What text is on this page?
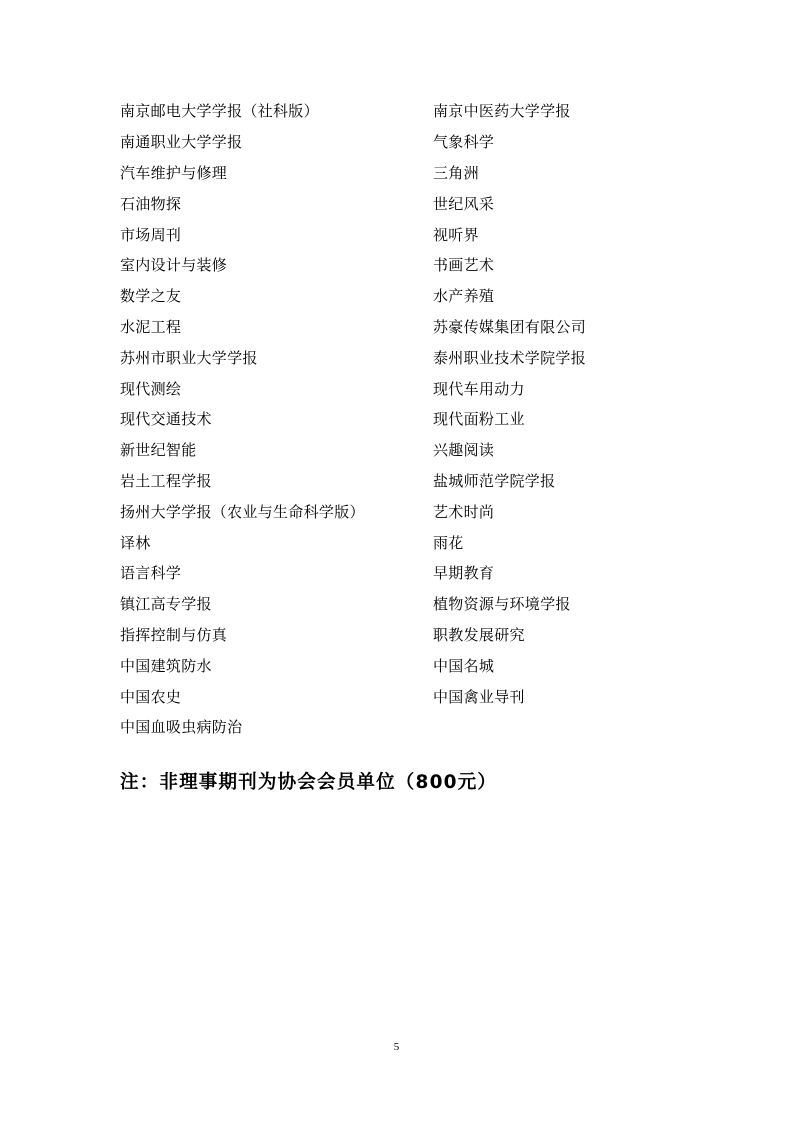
南京邮电大学学报（社科版）	南京中医药大学学报
南通职业大学学报	气象科学
汽车维护与修理	三角洲
石油物探	世纪风采
市场周刊	视听界
室内设计与装修	书画艺术
数学之友	水产养殖
水泥工程	苏豪传媒集团有限公司
苏州市职业大学学报	泰州职业技术学院学报
现代测绘	现代车用动力
现代交通技术	现代面粉工业
新世纪智能	兴趣阅读
岩土工程学报	盐城师范学院学报
扬州大学学报（农业与生命科学版）	艺术时尚
译林	雨花
语言科学	早期教育
镇江高专学报	植物资源与环境学报
指挥控制与仿真	职教发展研究
中国建筑防水	中国名城
中国农史	中国禽业导刊
中国血吸虫病防治
注：非理事期刊为协会会员单位（800元）
5
